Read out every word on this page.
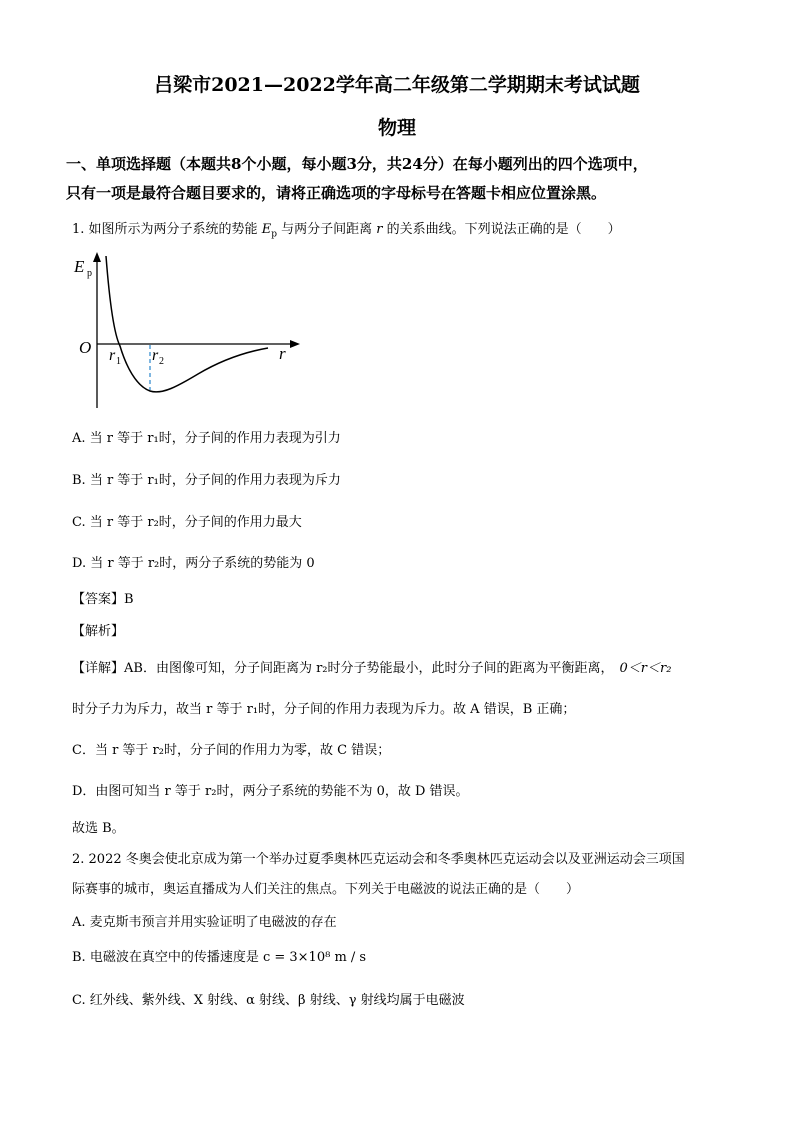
吕梁市2021—2022学年高二年级第二学期期末考试试题
物理
一、单项选择题（本题共8个小题，每小题3分，共24分）在每小题列出的四个选项中，
只有一项是最符合题目要求的，请将正确选项的字母标号在答题卡相应位置涂黑。
1. 如图所示为两分子系统的势能 $E_p$ 与两分子间距离 r 的关系曲线。下列说法正确的是（　　）
E p
O r 1 r 2	r
A. 当 r 等于 r₁时，分子间的作用力表现为引力
B. 当 r 等于 r₁时，分子间的作用力表现为斥力
C. 当 r 等于 r₂时，分子间的作用力最大
D. 当 r 等于 r₂时，两分子系统的势能为 0
【答案】B
【解析】
【详解】AB．由图像可知，分子间距离为 r₂时分子势能最小，此时分子间的距离为平衡距离， 0＜r＜r₂
时分子力为斥力，故当 r 等于 r₁时，分子间的作用力表现为斥力。故 A 错误，B 正确；
C．当 r 等于 r₂时，分子间的作用力为零，故 C 错误；
D．由图可知当 r 等于 r₂时，两分子系统的势能不为 0，故 D 错误。
故选 B。
2. 2022 冬奥会使北京成为第一个举办过夏季奥林匹克运动会和冬季奥林匹克运动会以及亚洲运动会三项国
际赛事的城市，奥运直播成为人们关注的焦点。下列关于电磁波的说法正确的是（　　）
A. 麦克斯韦预言并用实验证明了电磁波的存在
B. 电磁波在真空中的传播速度是 c = 3×10⁸ m / s
C. 红外线、紫外线、X 射线、α 射线、β 射线、γ 射线均属于电磁波
